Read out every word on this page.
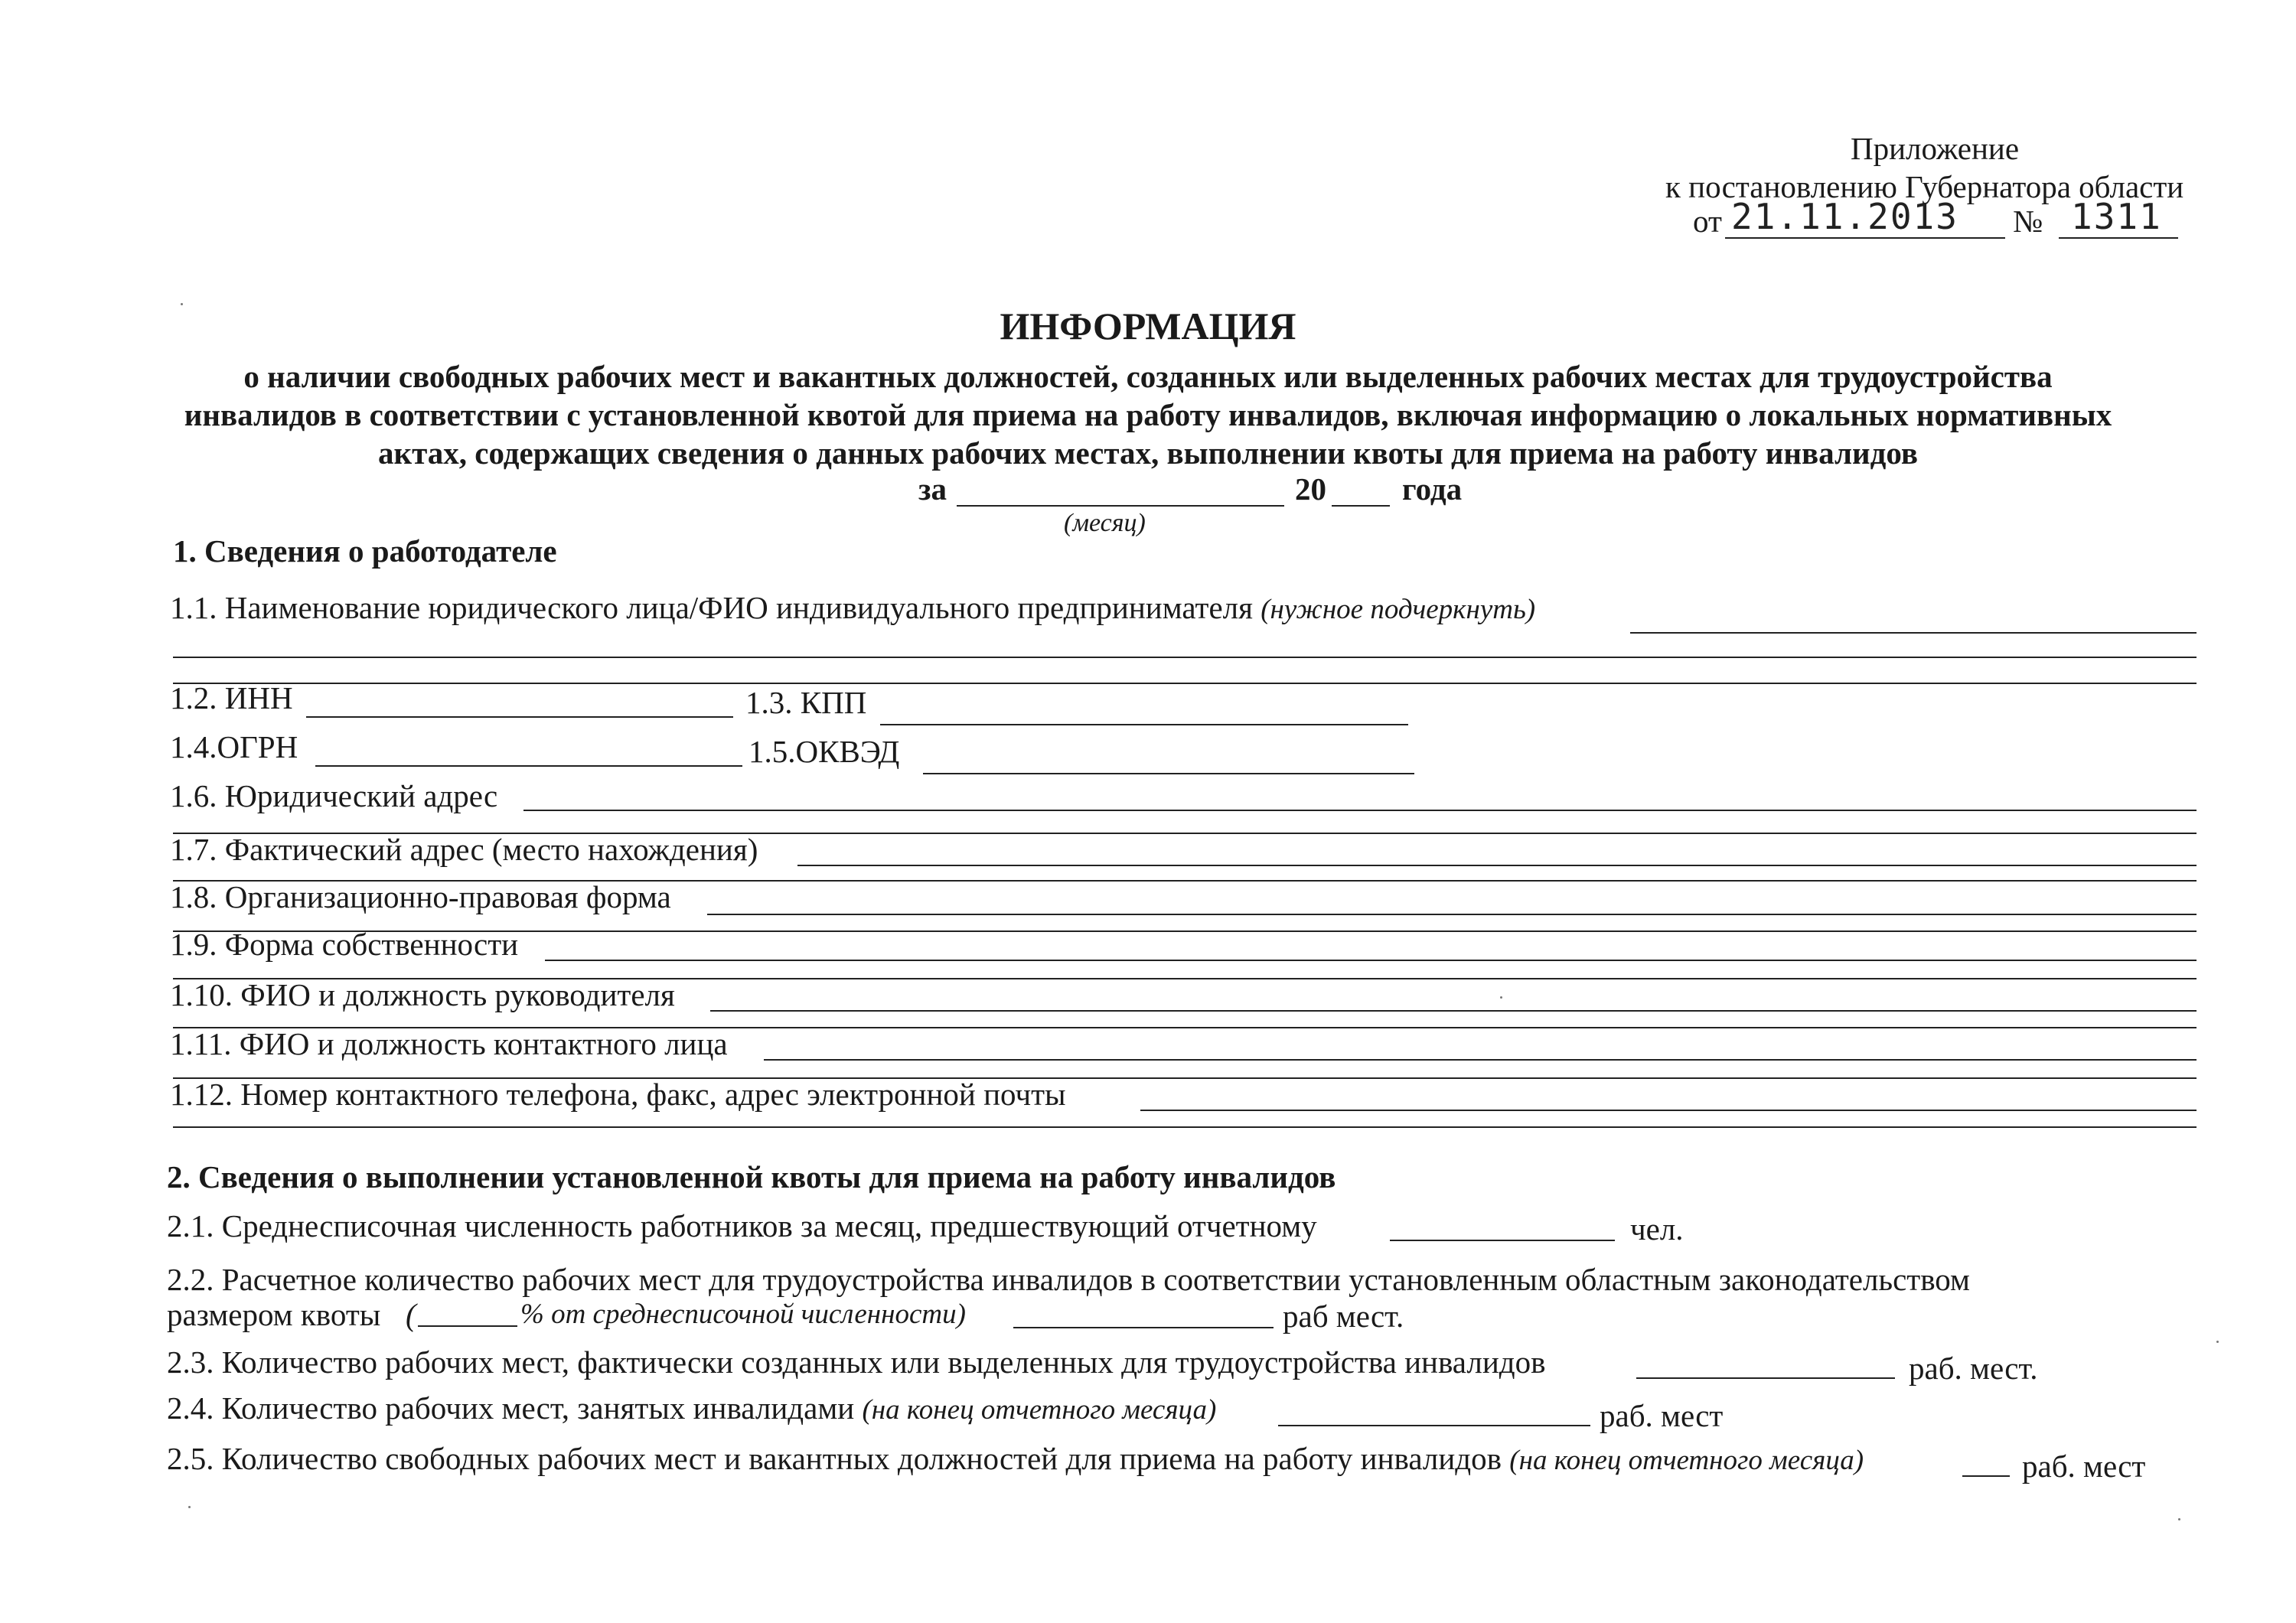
Приложение
к постановлению Губернатора области
от 21.11.2013 № 1311
ИНФОРМАЦИЯ
о наличии свободных рабочих мест и вакантных должностей, созданных или выделенных рабочих местах для трудоустройства
инвалидов в соответствии с установленной квотой для приема на работу инвалидов, включая информацию о локальных нормативных
актах, содержащих сведения о данных рабочих местах, выполнении квоты для приема на работу инвалидов
за	20 года
(месяц)
1. Сведения о работодателе
1.1. Наименование юридического лица/ФИО индивидуального предпринимателя (нужное подчеркнуть)
1.2. ИНН	1.3. КПП
1.4.ОГРН	1.5.ОКВЭД
1.6. Юридический адрес
1.7. Фактический адрес (место нахождения)
1.8. Организационно-правовая форма
1.9. Форма собственности
1.10. ФИО и должность руководителя
1.11. ФИО и должность контактного лица
1.12. Номер контактного телефона, факс, адрес электронной почты
2. Сведения о выполнении установленной квоты для приема на работу инвалидов
2.1. Среднесписочная численность работников за месяц, предшествующий отчетному	чел.
2.2. Расчетное количество рабочих мест для трудоустройства инвалидов в соответствии установленным областным законодательством
размером квоты (	% от среднесписочной численности)	раб мест.
2.3. Количество рабочих мест, фактически созданных или выделенных для трудоустройства инвалидов	раб. мест.
2.4. Количество рабочих мест, занятых инвалидами (на конец отчетного месяца)	раб. мест
2.5. Количество свободных рабочих мест и вакантных должностей для приема на работу инвалидов (на конец отчетного месяца)	раб. мест
